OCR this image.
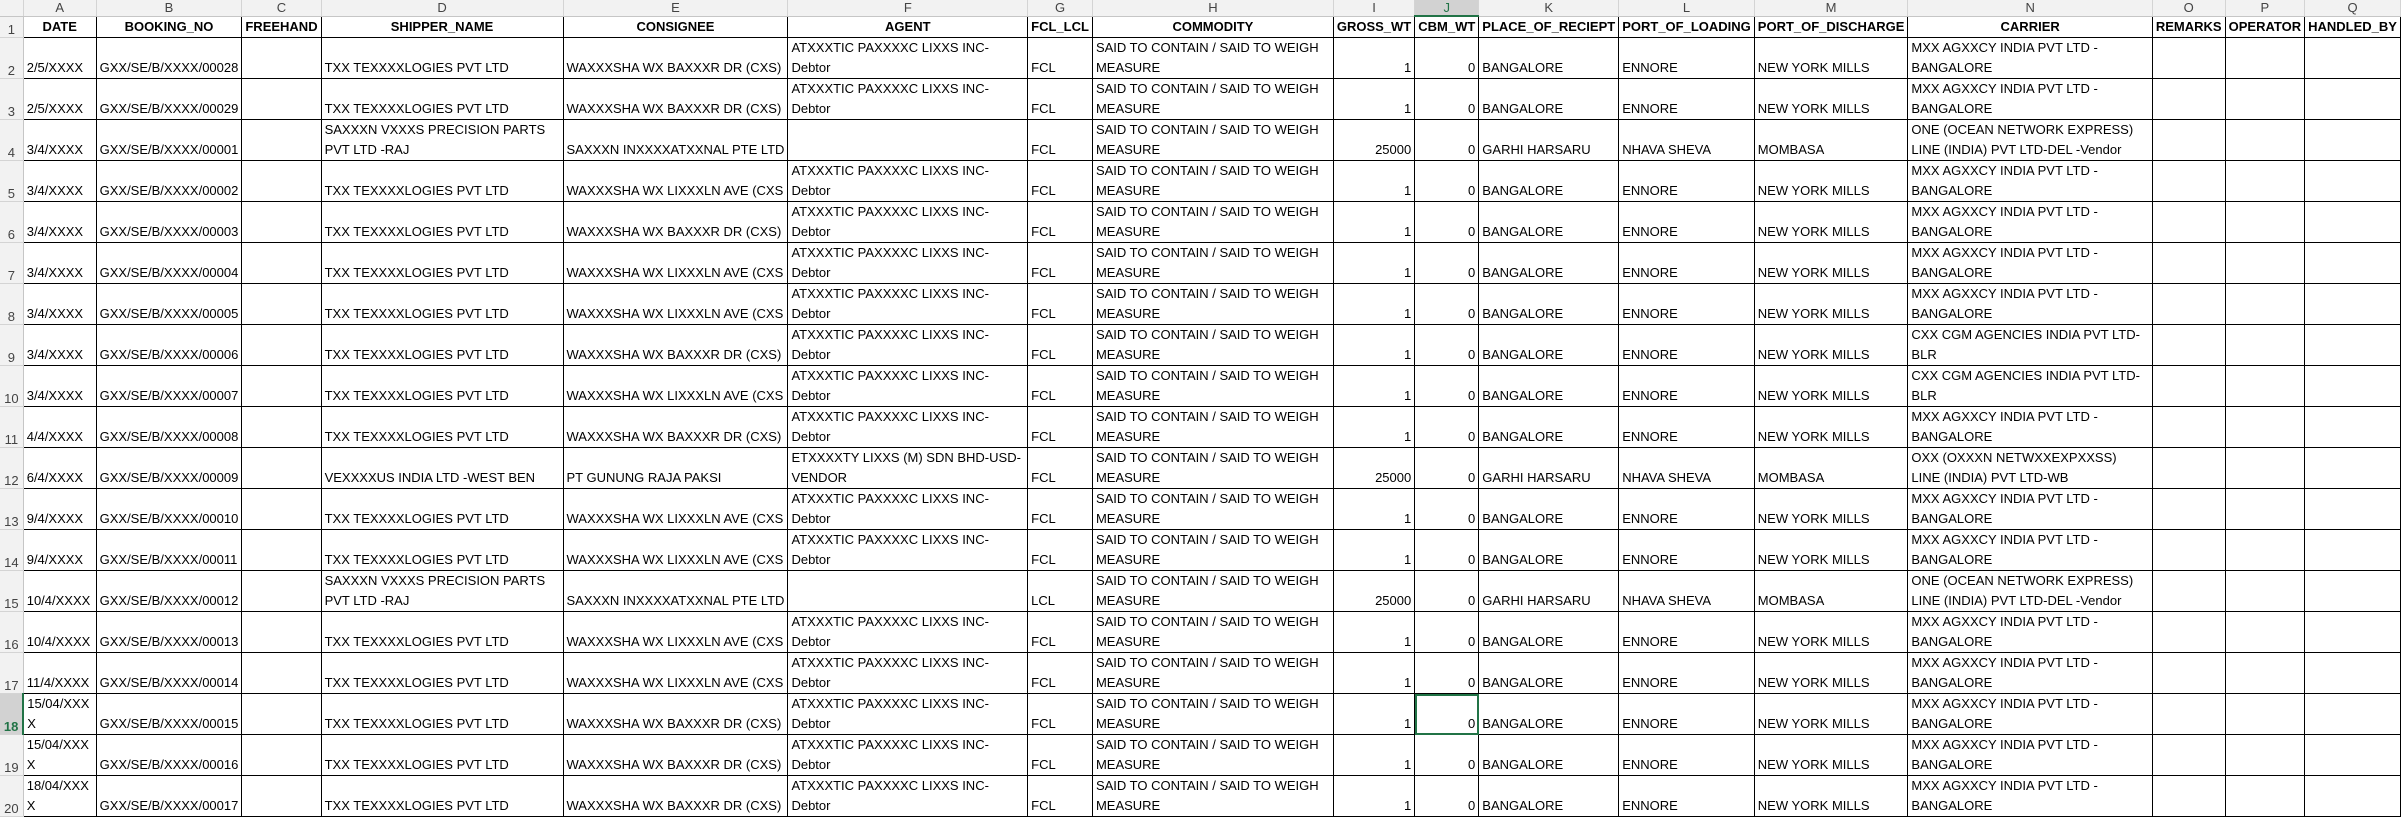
	A	B	C	D	E	F	G	H	I	J	K	L	M	N	O	P	Q
1	DATE	BOOKING_NO	FREEHAND	SHIPPER_NAME	CONSIGNEE	AGENT	FCL_LCL	COMMODITY	GROSS_WT	CBM_WT	PLACE_OF_RECIEPT	PORT_OF_LOADING	PORT_OF_DISCHARGE	CARRIER	REMARKS	OPERATOR	HANDLED_BY
2	2/5/XXXX	GXX/SE/B/XXXX/00028		TXX TEXXXXLOGIES PVT LTD	WAXXXSHA WX BAXXXR DR (CXS)	ATXXXTIC PAXXXXC LIXXS INC- Debtor	FCL	SAID TO CONTAIN / SAID TO WEIGH MEASURE	1	0	BANGALORE	ENNORE	NEW YORK MILLS	MXX AGXXCY INDIA PVT LTD - BANGALORE			
3	2/5/XXXX	GXX/SE/B/XXXX/00029		TXX TEXXXXLOGIES PVT LTD	WAXXXSHA WX BAXXXR DR (CXS)	ATXXXTIC PAXXXXC LIXXS INC- Debtor	FCL	SAID TO CONTAIN / SAID TO WEIGH MEASURE	1	0	BANGALORE	ENNORE	NEW YORK MILLS	MXX AGXXCY INDIA PVT LTD - BANGALORE			
4	3/4/XXXX	GXX/SE/B/XXXX/00001		SAXXXN VXXXS PRECISION PARTS PVT LTD -RAJ	SAXXXN INXXXXATXXNAL PTE LTD		FCL	SAID TO CONTAIN / SAID TO WEIGH MEASURE	25000	0	GARHI HARSARU	NHAVA SHEVA	MOMBASA	ONE (OCEAN NETWORK EXPRESS) LINE (INDIA) PVT LTD-DEL -Vendor			
5	3/4/XXXX	GXX/SE/B/XXXX/00002		TXX TEXXXXLOGIES PVT LTD	WAXXXSHA WX LIXXXLN AVE (CXS	ATXXXTIC PAXXXXC LIXXS INC- Debtor	FCL	SAID TO CONTAIN / SAID TO WEIGH MEASURE	1	0	BANGALORE	ENNORE	NEW YORK MILLS	MXX AGXXCY INDIA PVT LTD - BANGALORE			
6	3/4/XXXX	GXX/SE/B/XXXX/00003		TXX TEXXXXLOGIES PVT LTD	WAXXXSHA WX BAXXXR DR (CXS)	ATXXXTIC PAXXXXC LIXXS INC- Debtor	FCL	SAID TO CONTAIN / SAID TO WEIGH MEASURE	1	0	BANGALORE	ENNORE	NEW YORK MILLS	MXX AGXXCY INDIA PVT LTD - BANGALORE			
7	3/4/XXXX	GXX/SE/B/XXXX/00004		TXX TEXXXXLOGIES PVT LTD	WAXXXSHA WX LIXXXLN AVE (CXS	ATXXXTIC PAXXXXC LIXXS INC- Debtor	FCL	SAID TO CONTAIN / SAID TO WEIGH MEASURE	1	0	BANGALORE	ENNORE	NEW YORK MILLS	MXX AGXXCY INDIA PVT LTD - BANGALORE			
8	3/4/XXXX	GXX/SE/B/XXXX/00005		TXX TEXXXXLOGIES PVT LTD	WAXXXSHA WX LIXXXLN AVE (CXS	ATXXXTIC PAXXXXC LIXXS INC- Debtor	FCL	SAID TO CONTAIN / SAID TO WEIGH MEASURE	1	0	BANGALORE	ENNORE	NEW YORK MILLS	MXX AGXXCY INDIA PVT LTD - BANGALORE			
9	3/4/XXXX	GXX/SE/B/XXXX/00006		TXX TEXXXXLOGIES PVT LTD	WAXXXSHA WX BAXXXR DR (CXS)	ATXXXTIC PAXXXXC LIXXS INC- Debtor	FCL	SAID TO CONTAIN / SAID TO WEIGH MEASURE	1	0	BANGALORE	ENNORE	NEW YORK MILLS	CXX CGM AGENCIES INDIA PVT LTD-BLR			
10	3/4/XXXX	GXX/SE/B/XXXX/00007		TXX TEXXXXLOGIES PVT LTD	WAXXXSHA WX LIXXXLN AVE (CXS	ATXXXTIC PAXXXXC LIXXS INC- Debtor	FCL	SAID TO CONTAIN / SAID TO WEIGH MEASURE	1	0	BANGALORE	ENNORE	NEW YORK MILLS	CXX CGM AGENCIES INDIA PVT LTD-BLR			
11	4/4/XXXX	GXX/SE/B/XXXX/00008		TXX TEXXXXLOGIES PVT LTD	WAXXXSHA WX BAXXXR DR (CXS)	ATXXXTIC PAXXXXC LIXXS INC- Debtor	FCL	SAID TO CONTAIN / SAID TO WEIGH MEASURE	1	0	BANGALORE	ENNORE	NEW YORK MILLS	MXX AGXXCY INDIA PVT LTD - BANGALORE			
12	6/4/XXXX	GXX/SE/B/XXXX/00009		VEXXXXUS INDIA LTD -WEST BEN	PT GUNUNG RAJA PAKSI	ETXXXXTY LIXXS (M) SDN BHD-USD-VENDOR	FCL	SAID TO CONTAIN / SAID TO WEIGH MEASURE	25000	0	GARHI HARSARU	NHAVA SHEVA	MOMBASA	OXX (OXXXN NETWXXEXPXXSS) LINE (INDIA) PVT LTD-WB			
13	9/4/XXXX	GXX/SE/B/XXXX/00010		TXX TEXXXXLOGIES PVT LTD	WAXXXSHA WX LIXXXLN AVE (CXS	ATXXXTIC PAXXXXC LIXXS INC- Debtor	FCL	SAID TO CONTAIN / SAID TO WEIGH MEASURE	1	0	BANGALORE	ENNORE	NEW YORK MILLS	MXX AGXXCY INDIA PVT LTD - BANGALORE			
14	9/4/XXXX	GXX/SE/B/XXXX/00011		TXX TEXXXXLOGIES PVT LTD	WAXXXSHA WX LIXXXLN AVE (CXS	ATXXXTIC PAXXXXC LIXXS INC- Debtor	FCL	SAID TO CONTAIN / SAID TO WEIGH MEASURE	1	0	BANGALORE	ENNORE	NEW YORK MILLS	MXX AGXXCY INDIA PVT LTD - BANGALORE			
15	10/4/XXXX	GXX/SE/B/XXXX/00012		SAXXXN VXXXS PRECISION PARTS PVT LTD -RAJ	SAXXXN INXXXXATXXNAL PTE LTD		LCL	SAID TO CONTAIN / SAID TO WEIGH MEASURE	25000	0	GARHI HARSARU	NHAVA SHEVA	MOMBASA	ONE (OCEAN NETWORK EXPRESS) LINE (INDIA) PVT LTD-DEL -Vendor			
16	10/4/XXXX	GXX/SE/B/XXXX/00013		TXX TEXXXXLOGIES PVT LTD	WAXXXSHA WX LIXXXLN AVE (CXS	ATXXXTIC PAXXXXC LIXXS INC- Debtor	FCL	SAID TO CONTAIN / SAID TO WEIGH MEASURE	1	0	BANGALORE	ENNORE	NEW YORK MILLS	MXX AGXXCY INDIA PVT LTD - BANGALORE			
17	11/4/XXXX	GXX/SE/B/XXXX/00014		TXX TEXXXXLOGIES PVT LTD	WAXXXSHA WX LIXXXLN AVE (CXS	ATXXXTIC PAXXXXC LIXXS INC- Debtor	FCL	SAID TO CONTAIN / SAID TO WEIGH MEASURE	1	0	BANGALORE	ENNORE	NEW YORK MILLS	MXX AGXXCY INDIA PVT LTD - BANGALORE			
18	15/04/XXXX	GXX/SE/B/XXXX/00015		TXX TEXXXXLOGIES PVT LTD	WAXXXSHA WX BAXXXR DR (CXS)	ATXXXTIC PAXXXXC LIXXS INC- Debtor	FCL	SAID TO CONTAIN / SAID TO WEIGH MEASURE	1	0	BANGALORE	ENNORE	NEW YORK MILLS	MXX AGXXCY INDIA PVT LTD - BANGALORE			
19	15/04/XXXX	GXX/SE/B/XXXX/00016		TXX TEXXXXLOGIES PVT LTD	WAXXXSHA WX BAXXXR DR (CXS)	ATXXXTIC PAXXXXC LIXXS INC- Debtor	FCL	SAID TO CONTAIN / SAID TO WEIGH MEASURE	1	0	BANGALORE	ENNORE	NEW YORK MILLS	MXX AGXXCY INDIA PVT LTD - BANGALORE			
20	18/04/XXXX	GXX/SE/B/XXXX/00017		TXX TEXXXXLOGIES PVT LTD	WAXXXSHA WX BAXXXR DR (CXS)	ATXXXTIC PAXXXXC LIXXS INC- Debtor	FCL	SAID TO CONTAIN / SAID TO WEIGH MEASURE	1	0	BANGALORE	ENNORE	NEW YORK MILLS	MXX AGXXCY INDIA PVT LTD - BANGALORE			
